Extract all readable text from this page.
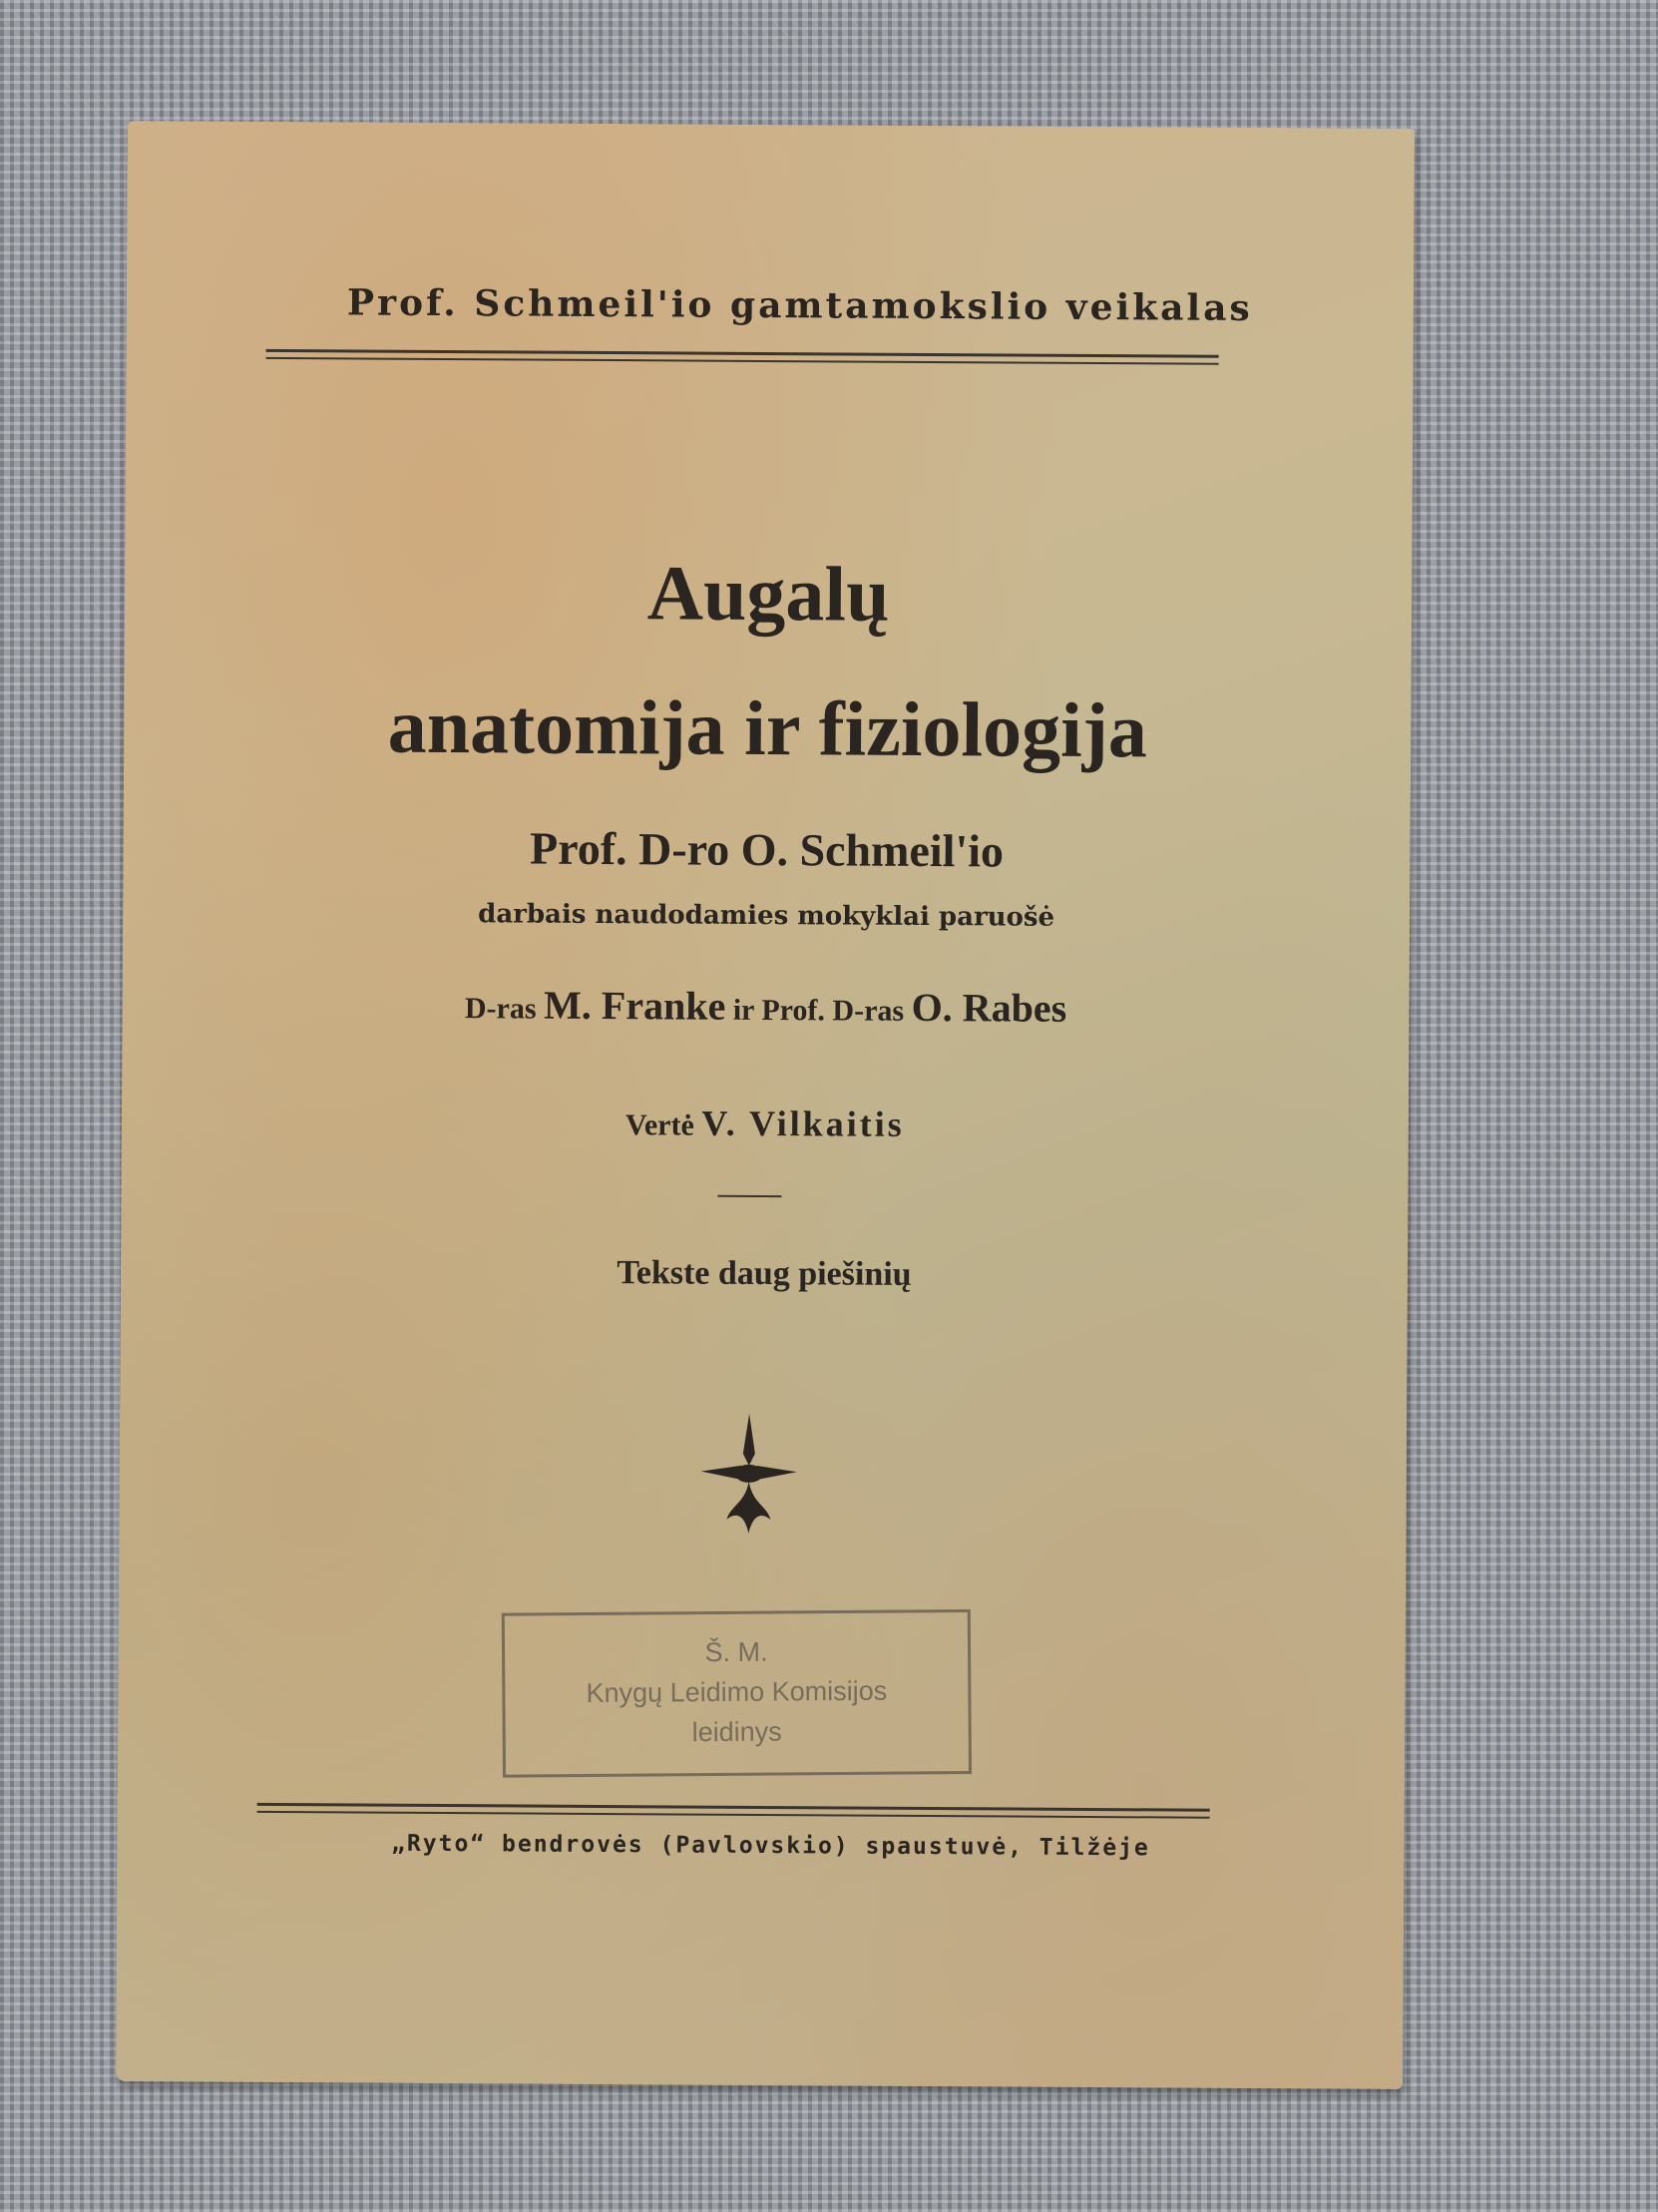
Prof. Schmeil'io gamtamokslio veikalas
Augalų
anatomija ir fiziologija
Prof. D-ro O. Schmeil'io
darbais naudodamies mokyklai paruošė
D-ras M. Franke ir Prof. D-ras O. Rabes
Vertė V. Vilkaitis
Tekste daug piešinių
Š. M.
Knygų Leidimo Komisijos
leidinys
„Ryto“ bendrovės (Pavlovskio) spaustuvė, Tilžėje
